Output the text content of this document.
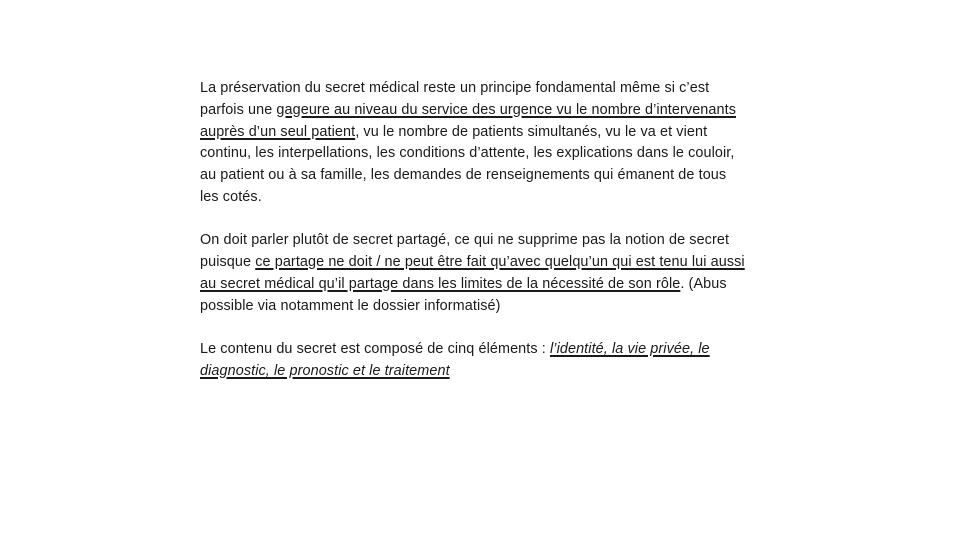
La préservation du secret médical reste un principe fondamental même si c’est parfois une gageure au niveau du service des urgence vu le nombre d’intervenants auprès d’un seul patient, vu le nombre de patients simultanés, vu le va et vient continu, les interpellations, les conditions d’attente, les explications dans le couloir, au patient ou à sa famille, les demandes de renseignements qui émanent de tous les cotés.

On doit parler plutôt de secret partagé, ce qui ne supprime pas la notion de secret puisque ce partage ne doit / ne peut être fait qu’avec quelqu’un qui est tenu lui aussi au secret médical qu’il partage dans les limites de la nécessité de son rôle. (Abus possible via notamment le dossier informatisé)

Le contenu du secret est composé de cinq éléments : l’identité, la vie privée, le diagnostic, le pronostic et le traitement
